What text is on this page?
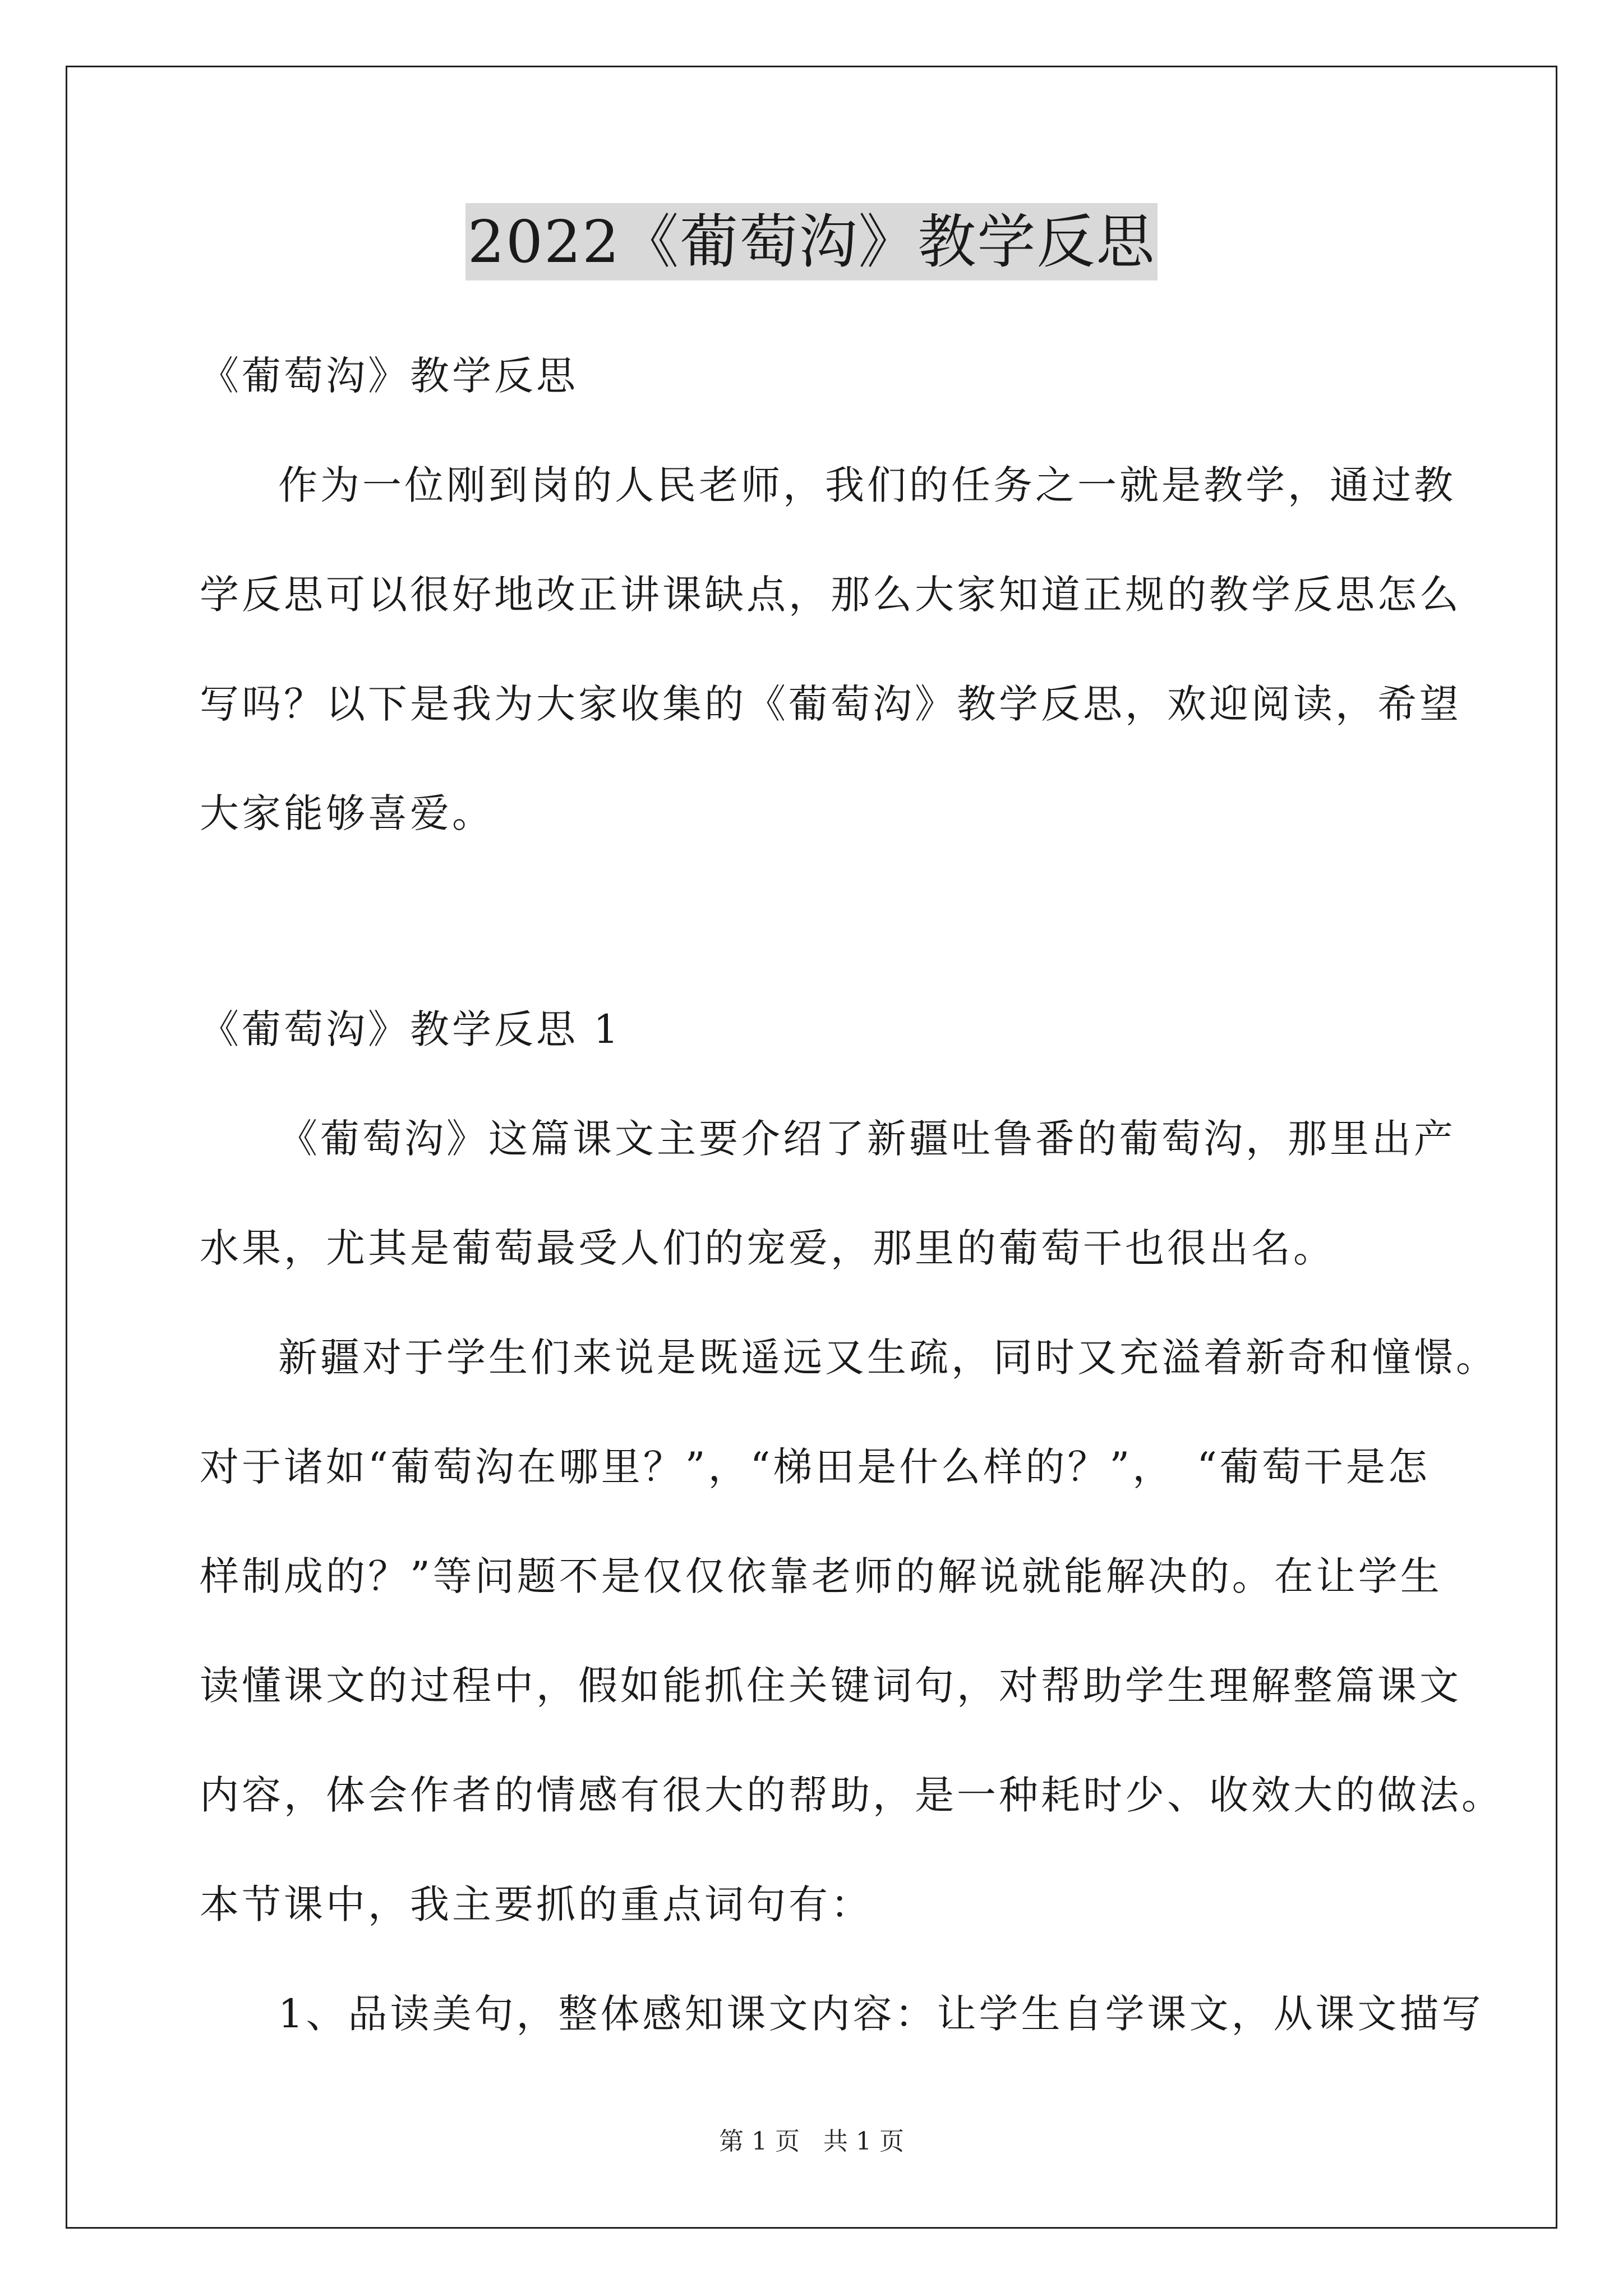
2022《葡萄沟》教学反思
《葡萄沟》教学反思
作为一位刚到岗的人民老师，我们的任务之一就是教学，通过教
学反思可以很好地改正讲课缺点，那么大家知道正规的教学反思怎么
写吗？以下是我为大家收集的《葡萄沟》教学反思，欢迎阅读，希望
大家能够喜爱。
《葡萄沟》教学反思 1
《葡萄沟》这篇课文主要介绍了新疆吐鲁番的葡萄沟，那里出产
水果，尤其是葡萄最受人们的宠爱，那里的葡萄干也很出名。
新疆对于学生们来说是既遥远又生疏，同时又充溢着新奇和憧憬。
对于诸如“葡萄沟在哪里？”，“梯田是什么样的？”，　“葡萄干是怎
样制成的？”等问题不是仅仅依靠老师的解说就能解决的。在让学生
读懂课文的过程中，假如能抓住关键词句，对帮助学生理解整篇课文
内容，体会作者的情感有很大的帮助，是一种耗时少、收效大的做法。
本节课中，我主要抓的重点词句有：
1、品读美句，整体感知课文内容：让学生自学课文，从课文描写
第 1 页 共 1 页
